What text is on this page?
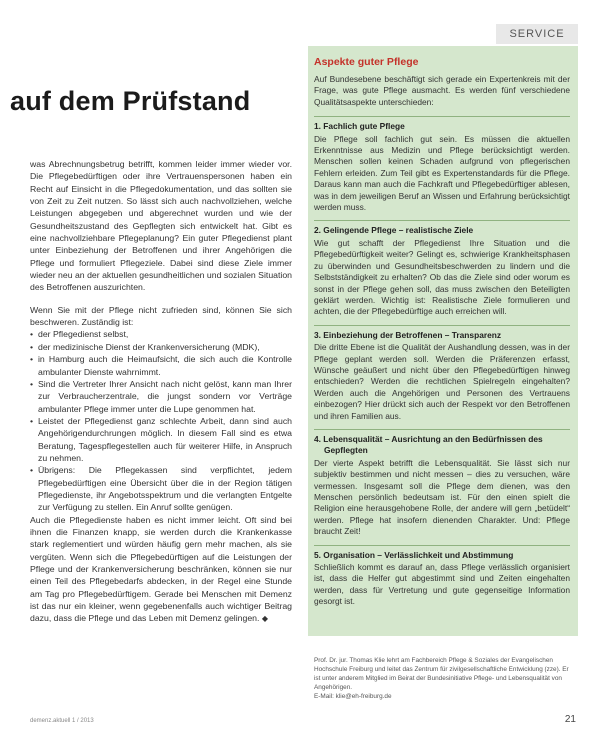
SERVICE
auf dem Prüfstand

was Abrechnungsbetrug betrifft, kommen leider immer wieder vor. Die Pflegebedürftigen oder ihre Vertrauenspersonen haben ein Recht auf Einsicht in die Pflegedokumentation, und das sollten sie von Zeit zu Zeit nutzen. So lässt sich auch nachvollziehen, welche Leistungen abgegeben und abgerechnet wurden und wie der Gesundheitszustand des Gepflegten sich entwickelt hat. Gibt es eine nachvollziehbare Pflegeplanung? Ein guter Pflegedienst plant unter Einbeziehung der Betroffenen und ihrer Angehörigen die Pflege und formuliert Pflegeziele. Dabei sind diese Ziele immer wieder neu an der aktuellen gesundheitlichen und sozialen Situation des Betroffenen auszurichten.

Wenn Sie mit der Pflege nicht zufrieden sind, können Sie sich beschweren. Zuständig ist:

• der Pflegedienst selbst,
• der medizinische Dienst der Krankenversicherung (MDK),
• in Hamburg auch die Heimaufsicht, die sich auch die Kontrolle ambulanter Dienste wahrnimmt.
• Sind die Vertreter Ihrer Ansicht nach nicht gelöst, kann man Ihrer zur Verbraucherzentrale, die jungst sondern vor Verträge ambulanter Pflege immer unter die Lupe genommen hat.
• Leistet der Pflegedienst ganz schlechte Arbeit, dann sind auch Angehörigendurchrungen möglich. In diesem Fall sind es etwa Beratung, Tagespflegestellen auch für weiterer Hilfe, in Anspruch zu nehmen.
• Übrigens: Die Pflegekassen sind verpflichtet, jedem Pflegebedürftigen eine Übersicht über die in der Region tätigen Pflegedienste, ihr Angebotsspektrum und die verlangten Entgelte zur Verfügung zu stellen. Ein Anruf sollte genügen.

Auch die Pflegedienste haben es nicht immer leicht. Oft sind bei ihnen die Finanzen knapp, sie werden durch die Krankenkasse stark reglementiert und würden häufig gern mehr machen, als sie vergüten. Wenn sich die Pflegebedürftigen auf die Leistungen der Pflege und der Krankenversicherung beschränken, können sie nur einen Teil des Pflegebedarfs abdecken, in der Regel eine Stunde am Tag pro Pflegebedürftigem. Gerade bei Menschen mit Demenz ist das nur ein kleiner, wenn gegebenenfalls auch wichtiger Beitrag dazu, dass die Pflege und das Leben mit Demenz gelingen. ◆

Aspekte guter Pflege
Auf Bundesebene beschäftigt sich gerade ein Expertenkreis mit der Frage, was gute Pflege ausmacht. Es werden fünf verschiedene Qualitätsaspekte unterschieden:
1. Fachlich gute Pflege
Die Pflege soll fachlich gut sein. Es müssen die aktuellen Erkenntnisse aus Medizin und Pflege berücksichtigt werden. Menschen sollen keinen Schaden aufgrund von pflegerischen Fehlern erleiden. Zum Teil gibt es Expertenstandards für die Pflege. Daraus kann man auch die Fachkraft und Pflegebedürftiger ablesen, was in dem jeweiligen Beruf an Wissen und Erfahrung berücksichtigt werden muss.
2. Gelingende Pflege – realistische Ziele
Wie gut schafft der Pflegedienst Ihre Situation und die Pflegebedürftigkeit weiter? Gelingt es, schwierige Krankheitsphasen zu überwinden und Gesundheitsbeschwerden zu lindern und die Selbstständigkeit zu erhalten? Ob das die Ziele sind oder worum es sonst in der Pflege gehen soll, das muss zwischen den Beteiligten geklärt werden. Wichtig ist: Realistische Ziele formulieren und achten, die der Pflegebedürftige auch erreichen will.
3. Einbeziehung der Betroffenen – Transparenz
Die dritte Ebene ist die Qualität der Aushandlung dessen, was in der Pflege geplant werden soll. Werden die Präferenzen erfasst, Wünsche geäußert und nicht über den Pflegebedürftigen hinweg entschieden? Werden die rechtlichen Spielregeln eingehalten? Werden auch die Angehörigen und Personen des Vertrauens einbezogen? Hier drückt sich auch der Respekt vor den Betroffenen und ihren Familien aus.
4. Lebensqualität – Ausrichtung an den Bedürfnissen des Gepflegten
Der vierte Aspekt betrifft die Lebensqualität. Sie lässt sich nur subjektiv bestimmen und nicht messen – dies zu versuchen, wäre vermessen. Insgesamt soll die Pflege dem dienen, was den Menschen persönlich bedeutsam ist. Für den einen spielt die Religion eine herausgehobene Rolle, der andere will gern „betüdelt“ werden. Pflege hat insofern dienenden Charakter. Und: Pflege braucht Zeit!
5. Organisation – Verlässlichkeit und Abstimmung
Schließlich kommt es darauf an, dass Pflege verlässlich organisiert ist, dass die Helfer gut abgestimmt sind und Zeiten eingehalten werden, dass für Vertretung und gute gegenseitige Information gesorgt ist.
Prof. Dr. jur. Thomas Klie lehrt am Fachbereich Pflege & Soziales der Evangelischen Hochschule Freiburg und leitet das Zentrum für zivilgesellschaftliche Entwicklung (zze). Er ist unter anderem Mitglied im Beirat der Bundesinitiative Pflege- und Lebensqualität von Angehörigen.
E-Mail: klie@eh-freiburg.de
demenz.aktuell 1 / 2013	21
